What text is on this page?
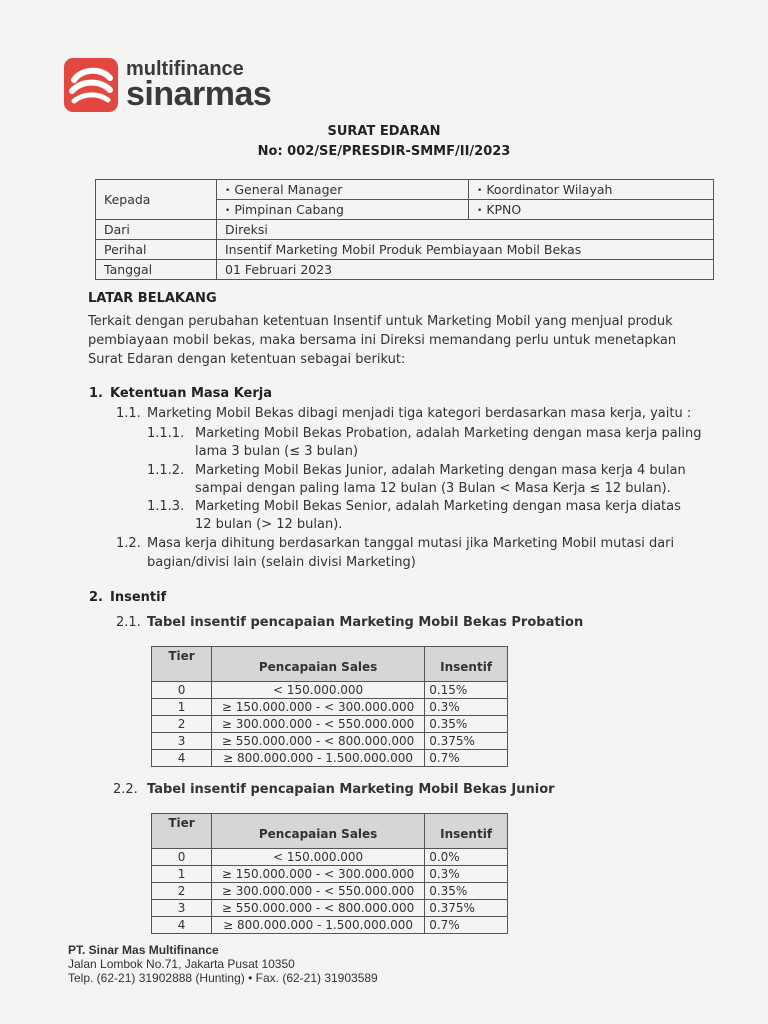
multifinance
sinarmas
SURAT EDARAN
No: 002/SE/PRESDIR-SMMF/II/2023
Kepada	• General Manager	• Koordinator Wilayah
	• Pimpinan Cabang	• KPNO
Dari	Direksi	
Perihal	Insentif Marketing Mobil Produk Pembiayaan Mobil Bekas	
Tanggal	01 Februari 2023	
LATAR BELAKANG
Terkait dengan perubahan ketentuan Insentif untuk Marketing Mobil yang menjual produk
pembiayaan mobil bekas, maka bersama ini Direksi memandang perlu untuk menetapkan
Surat Edaran dengan ketentuan sebagai berikut:
1. Ketentuan Masa Kerja
1.1. Marketing Mobil Bekas dibagi menjadi tiga kategori berdasarkan masa kerja, yaitu :
1.1.1. Marketing Mobil Bekas Probation, adalah Marketing dengan masa kerja paling
lama 3 bulan (≤ 3 bulan)
1.1.2. Marketing Mobil Bekas Junior, adalah Marketing dengan masa kerja 4 bulan
sampai dengan paling lama 12 bulan (3 Bulan < Masa Kerja ≤ 12 bulan).
1.1.3. Marketing Mobil Bekas Senior, adalah Marketing dengan masa kerja diatas
12 bulan (> 12 bulan).
1.2. Masa kerja dihitung berdasarkan tanggal mutasi jika Marketing Mobil mutasi dari
bagian/divisi lain (selain divisi Marketing)
2. Insentif
2.1. Tabel insentif pencapaian Marketing Mobil Bekas Probation
Tier	Pencapaian Sales	Insentif
0	< 150.000.000	0.15%
1	≥ 150.000.000 - < 300.000.000	0.3%
2	≥ 300.000.000 - < 550.000.000	0.35%
3	≥ 550.000.000 - < 800.000.000	0.375%
4	≥ 800.000.000 - 1.500.000.000	0.7%
2.2. Tabel insentif pencapaian Marketing Mobil Bekas Junior
Tier	Pencapaian Sales	Insentif
0	< 150.000.000	0.0%
1	≥ 150.000.000 - < 300.000.000	0.3%
2	≥ 300.000.000 - < 550.000.000	0.35%
3	≥ 550.000.000 - < 800.000.000	0.375%
4	≥ 800.000.000 - 1.500.000.000	0.7%
PT. Sinar Mas Multifinance
Jalan Lombok No.71, Jakarta Pusat 10350
Telp. (62-21) 31902888 (Hunting) • Fax. (62-21) 31903589
